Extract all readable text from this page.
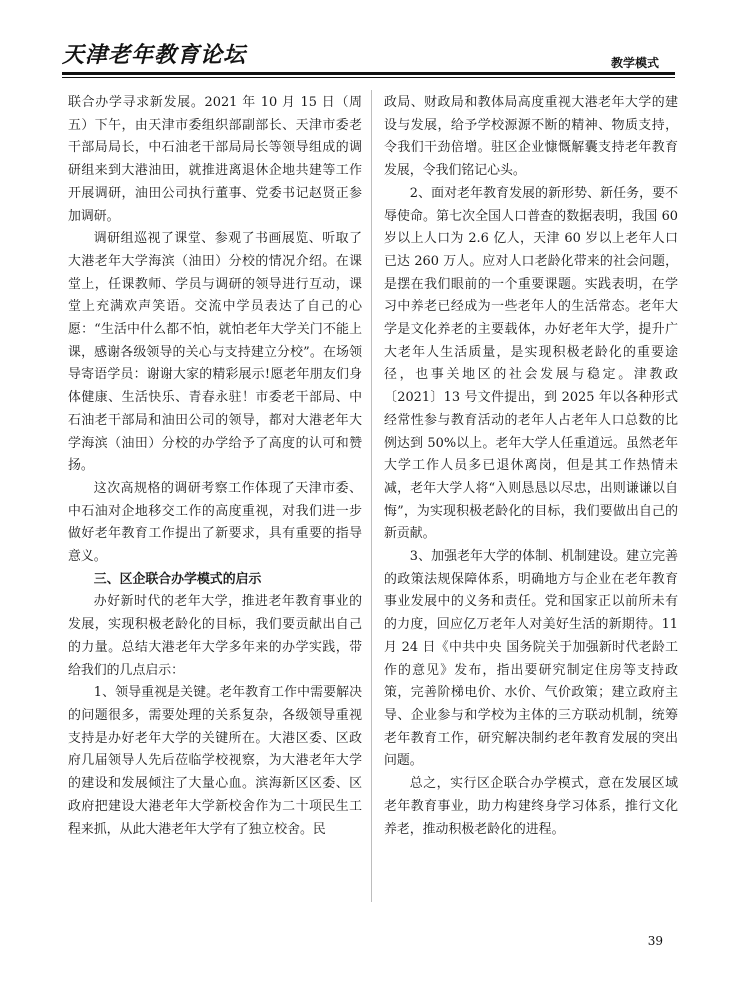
天津老年教育论坛	教学模式

联合办学寻求新发展。2021 年 10 月 15 日（周五）下午，由天津市委组织部副部长、天津市委老干部局局长，中石油老干部局局长等领导组成的调研组来到大港油田，就推进离退休企地共建等工作开展调研，油田公司执行董事、党委书记赵贤正参加调研。

调研组巡视了课堂、参观了书画展览、听取了大港老年大学海滨（油田）分校的情况介绍。在课堂上，任课教师、学员与调研的领导进行互动，课堂上充满欢声笑语。交流中学员表达了自己的心愿：“生活中什么都不怕，就怕老年大学关门不能上课，感谢各级领导的关心与支持建立分校”。在场领导寄语学员：谢谢大家的精彩展示!愿老年朋友们身体健康、生活快乐、青春永驻！市委老干部局、中石油老干部局和油田公司的领导，都对大港老年大学海滨（油田）分校的办学给予了高度的认可和赞扬。

这次高规格的调研考察工作体现了天津市委、中石油对企地移交工作的高度重视，对我们进一步做好老年教育工作提出了新要求，具有重要的指导意义。

三、区企联合办学模式的启示

办好新时代的老年大学，推进老年教育事业的发展，实现积极老龄化的目标，我们要贡献出自己的力量。总结大港老年大学多年来的办学实践，带给我们的几点启示：

1、领导重视是关键。老年教育工作中需要解决的问题很多，需要处理的关系复杂，各级领导重视支持是办好老年大学的关键所在。大港区委、区政府几届领导人先后莅临学校视察，为大港老年大学的建设和发展倾注了大量心血。滨海新区区委、区政府把建设大港老年大学新校舍作为二十项民生工程来抓，从此大港老年大学有了独立校舍。民

政局、财政局和教体局高度重视大港老年大学的建设与发展，给予学校源源不断的精神、物质支持，令我们干劲倍增。驻区企业慷慨解囊支持老年教育发展，令我们铭记心头。

2、面对老年教育发展的新形势、新任务，要不辱使命。第七次全国人口普查的数据表明，我国 60 岁以上人口为 2.6 亿人，天津 60 岁以上老年人口已达 260 万人。应对人口老龄化带来的社会问题，是摆在我们眼前的一个重要课题。实践表明，在学习中养老已经成为一些老年人的生活常态。老年大学是文化养老的主要载体，办好老年大学，提升广大老年人生活质量，是实现积极老龄化的重要途径，也事关地区的社会发展与稳定。津教政〔2021〕13 号文件提出，到 2025 年以各种形式经常性参与教育活动的老年人占老年人口总数的比例达到 50%以上。老年大学人任重道远。虽然老年大学工作人员多已退休离岗，但是其工作热情未减，老年大学人将“入则恳恳以尽忠，出则谦谦以自悔”，为实现积极老龄化的目标，我们要做出自己的新贡献。

3、加强老年大学的体制、机制建设。建立完善的政策法规保障体系，明确地方与企业在老年教育事业发展中的义务和责任。党和国家正以前所未有的力度，回应亿万老年人对美好生活的新期待。11 月 24 日《中共中央 国务院关于加强新时代老龄工作的意见》发布，指出要研究制定住房等支持政策，完善阶梯电价、水价、气价政策；建立政府主导、企业参与和学校为主体的三方联动机制，统筹老年教育工作，研究解决制约老年教育发展的突出问题。

总之，实行区企联合办学模式，意在发展区域老年教育事业，助力构建终身学习体系，推行文化养老，推动积极老龄化的进程。

39
